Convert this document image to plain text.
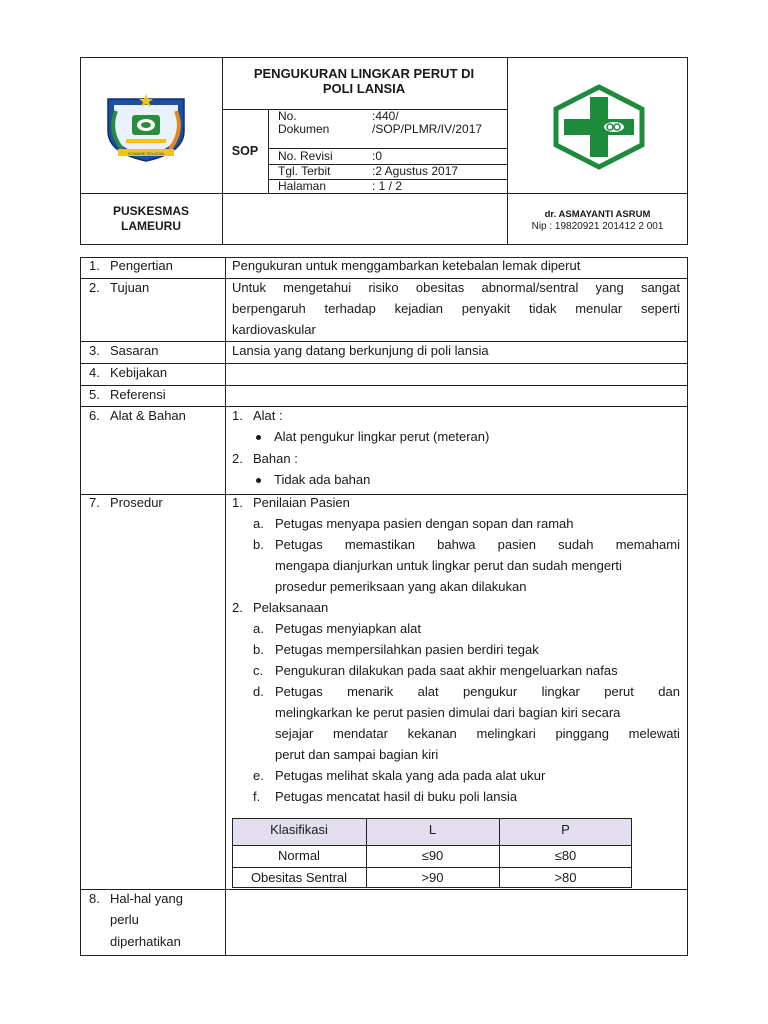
KONAWE SELATAN
PENGUKURAN LINGKAR PERUT DI
POLI LANSIA
SOP
No.
Dokumen
:440/
/SOP/PLMR/IV/2017
No. Revisi	:0
Tgl. Terbit	:2 Agustus 2017
Halaman	: 1 / 2
PUSKESMAS
LAMEURU
dr. ASMAYANTI ASRUM
Nip : 19820921 201412 2 001
1. Pengertian	Pengukuran untuk menggambarkan ketebalan lemak diperut
2. Tujuan	Untuk mengetahui risiko obesitas abnormal/sentral yang sangat
berpengaruh terhadap kejadian penyakit tidak menular seperti
kardiovaskular
3. Sasaran	Lansia yang datang berkunjung di poli lansia
4. Kebijakan
5. Referensi
6. Alat & Bahan	1. Alat :
Alat pengukur lingkar perut (meteran)
2. Bahan :
Tidak ada bahan
7. Prosedur	1. Penilaian Pasien
a. Petugas menyapa pasien dengan sopan dan ramah
b. Petugas memastikan bahwa pasien sudah memahami
mengapa dianjurkan untuk lingkar perut dan sudah mengerti
prosedur pemeriksaan yang akan dilakukan
2. Pelaksanaan
a. Petugas menyiapkan alat
b. Petugas mempersilahkan pasien berdiri tegak
c. Pengukuran dilakukan pada saat akhir mengeluarkan nafas
d. Petugas menarik alat pengukur lingkar perut dan
melingkarkan ke perut pasien dimulai dari bagian kiri secara
sejajar mendatar kekanan melingkari pinggang melewati
perut dan sampai bagian kiri
e. Petugas melihat skala yang ada pada alat ukur
f. Petugas mencatat hasil di buku poli lansia
Klasifikasi	L	P
Normal	≤90	≤80
Obesitas Sentral	>90	>80
8. Hal-hal yang
perlu
diperhatikan
